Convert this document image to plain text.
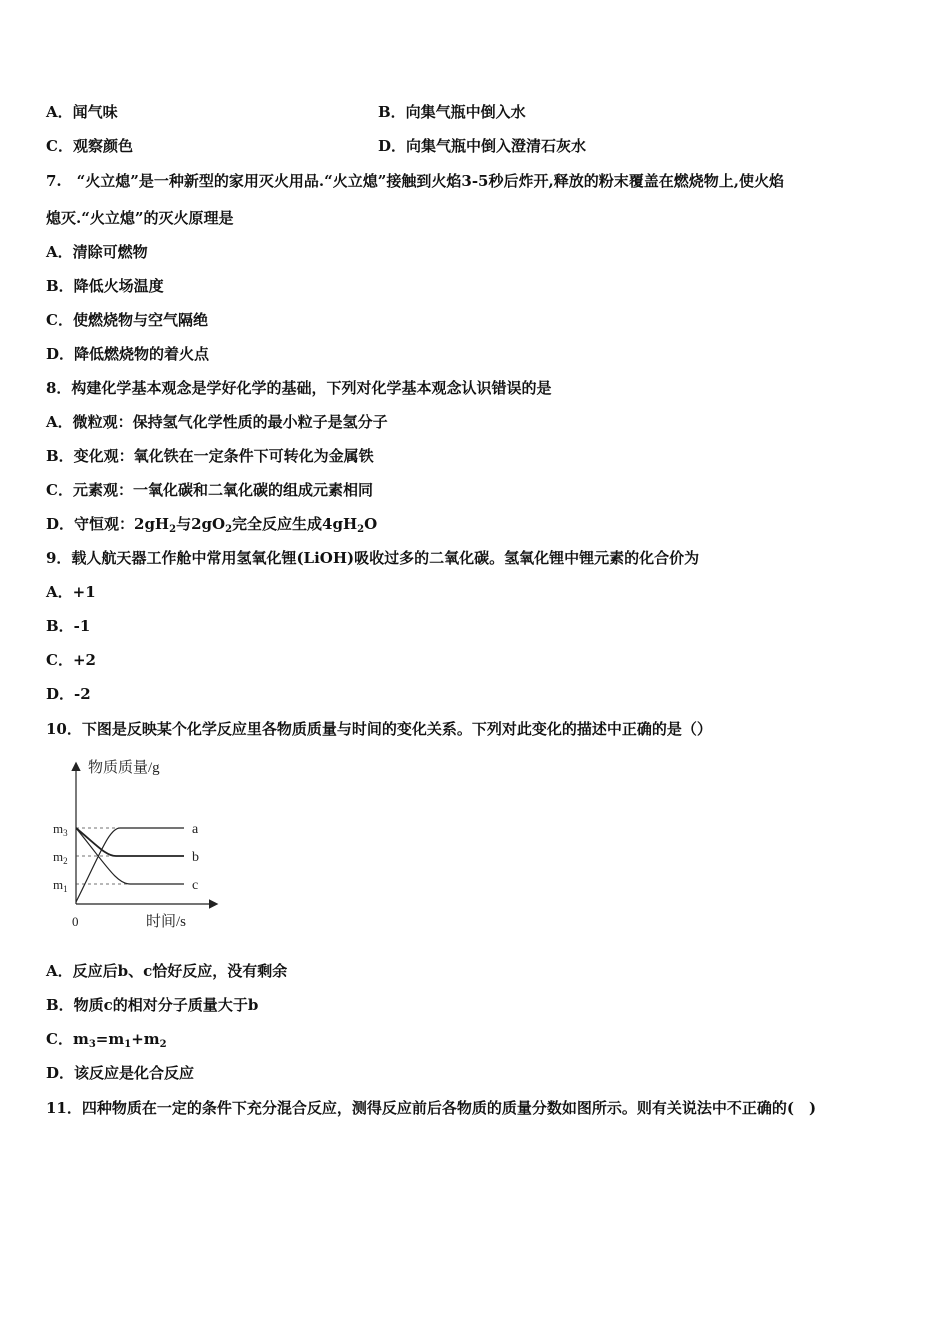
A．闻气味	B．向集气瓶中倒入水
C．观察颜色	D．向集气瓶中倒入澄清石灰水
7.　“火立熄”是一种新型的家用灭火用品.“火立熄”接触到火焰3-5秒后炸开,释放的粉末覆盖在燃烧物上,使火焰
熄灭.“火立熄”的灭火原理是
A．清除可燃物
B．降低火场温度
C．使燃烧物与空气隔绝
D．降低燃烧物的着火点
8．构建化学基本观念是学好化学的基础，下列对化学基本观念认识错误的是
A．微粒观：保持氢气化学性质的最小粒子是氢分子
B．变化观：氧化铁在一定条件下可转化为金属铁
C．元素观：一氧化碳和二氧化碳的组成元素相同
D．守恒观：$2gH_2$与$2gO_2$完全反应生成$4gH_2O$
9．载人航天器工作舱中常用氢氧化锂(LiOH)吸收过多的二氧化碳。氢氧化锂中锂元素的化合价为
A．+1
B．-1
C．+2
D．-2
10．下图是反映某个化学反应里各物质质量与时间的变化关系。下列对此变化的描述中正确的是（）
物质质量/g
时间/s
0
$m_1$
$m_2$
$m_3$	a
b
c
A．反应后b、c恰好反应，没有剩余
B．物质c的相对分子质量大于b
C．$m_3=m_1+m_2$
D．该反应是化合反应
11．四种物质在一定的条件下充分混合反应，测得反应前后各物质的质量分数如图所示。则有关说法中不正确的(　)
